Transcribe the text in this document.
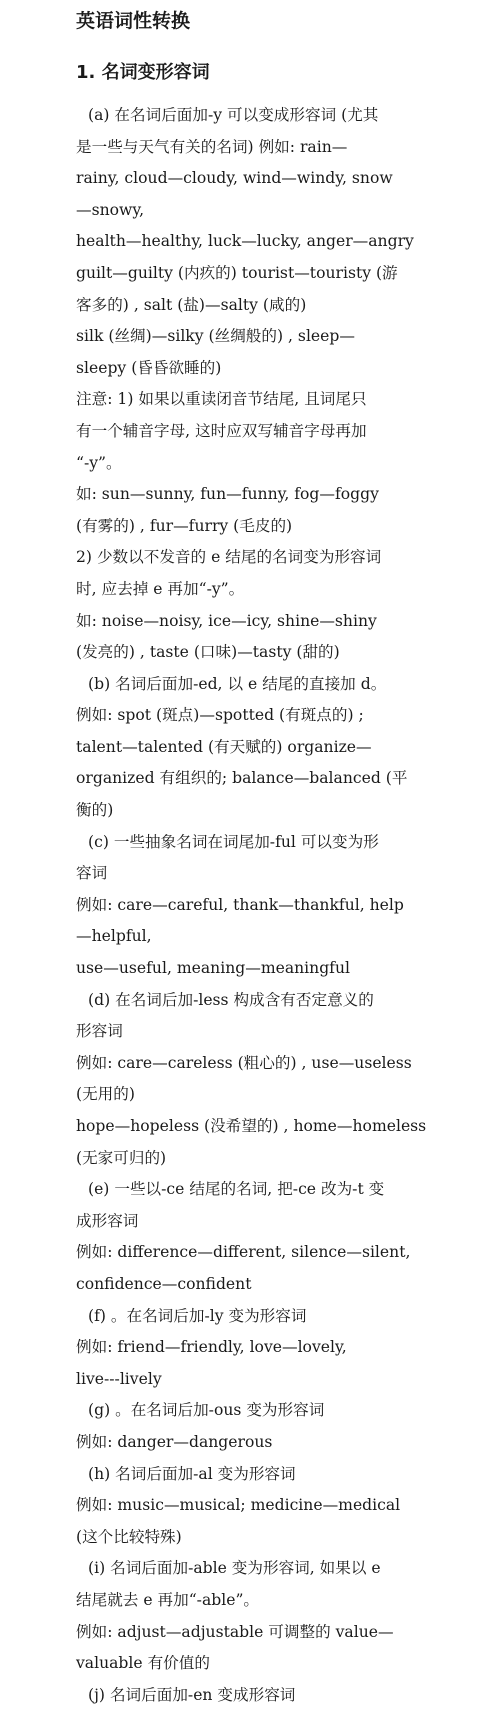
英语词性转换
1. 名词变形容词

(a) 在名词后面加-y 可以变成形容词 (尤其

是一些与天气有关的名词) 例如: rain—

rainy, cloud—cloudy, wind—windy, snow

—snowy,

health—healthy, luck—lucky, anger—angry

guilt—guilty (内疚的) tourist—touristy (游

客多的) , salt (盐)—salty (咸的)

silk (丝绸)—silky (丝绸般的) , sleep—

sleepy (昏昏欲睡的)

注意: 1) 如果以重读闭音节结尾, 且词尾只

有一个辅音字母, 这时应双写辅音字母再加

“-y”。

如: sun—sunny, fun—funny, fog—foggy

(有雾的) , fur—furry (毛皮的)

2) 少数以不发音的 e 结尾的名词变为形容词

时, 应去掉 e 再加“-y”。

如: noise—noisy, ice—icy, shine—shiny

(发亮的) , taste (口味)—tasty (甜的)

(b) 名词后面加-ed, 以 e 结尾的直接加 d。

例如: spot (斑点)—spotted (有斑点的) ;

talent—talented (有天赋的) organize—

organized 有组织的; balance—balanced (平

衡的)

(c) 一些抽象名词在词尾加-ful 可以变为形

容词

例如: care—careful, thank—thankful, help

—helpful,

use—useful, meaning—meaningful

(d) 在名词后加-less 构成含有否定意义的

形容词

例如: care—careless (粗心的) , use—useless

(无用的)

hope—hopeless (没希望的) , home—homeless

(无家可归的)

(e) 一些以-ce 结尾的名词, 把-ce 改为-t 变

成形容词

例如: difference—different, silence—silent,

confidence—confident

(f) 。在名词后加-ly 变为形容词

例如: friend—friendly, love—lovely,

live---lively

(g) 。在名词后加-ous 变为形容词

例如: danger—dangerous

(h) 名词后面加-al 变为形容词

例如: music—musical; medicine—medical

(这个比较特殊)

(i) 名词后面加-able 变为形容词, 如果以 e

结尾就去 e 再加“-able”。

例如: adjust—adjustable 可调整的 value—

valuable 有价值的

(j) 名词后面加-en 变成形容词
